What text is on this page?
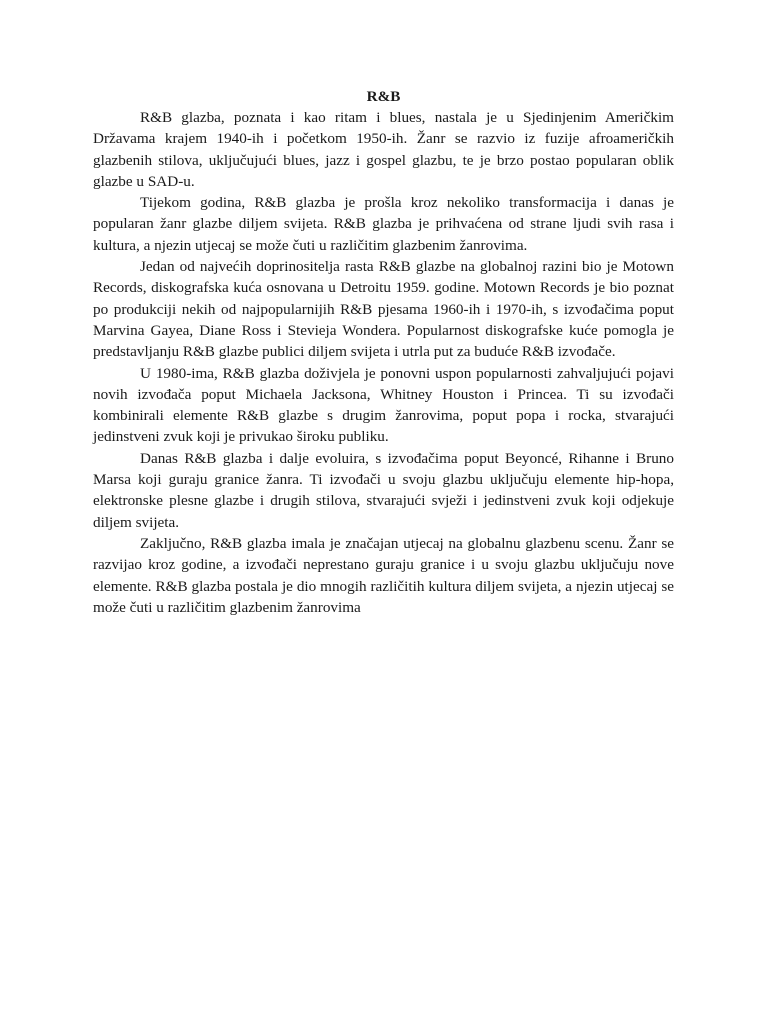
R&B

R&B glazba, poznata i kao ritam i blues, nastala je u Sjedinjenim Američkim Državama krajem 1940-ih i početkom 1950-ih. Žanr se razvio iz fuzije afroameričkih glazbenih stilova, uključujući blues, jazz i gospel glazbu, te je brzo postao popularan oblik glazbe u SAD-u.

Tijekom godina, R&B glazba je prošla kroz nekoliko transformacija i danas je popularan žanr glazbe diljem svijeta. R&B glazba je prihvaćena od strane ljudi svih rasa i kultura, a njezin utjecaj se može čuti u različitim glazbenim žanrovima.

Jedan od najvećih doprinositelja rasta R&B glazbe na globalnoj razini bio je Motown Records, diskografska kuća osnovana u Detroitu 1959. godine. Motown Records je bio poznat po produkciji nekih od najpopularnijih R&B pjesama 1960-ih i 1970-ih, s izvođačima poput Marvina Gayea, Diane Ross i Stevieja Wondera. Popularnost diskografske kuće pomogla je predstavljanju R&B glazbe publici diljem svijeta i utrla put za buduće R&B izvođače.

U 1980-ima, R&B glazba doživjela je ponovni uspon popularnosti zahvaljujući pojavi novih izvođača poput Michaela Jacksona, Whitney Houston i Princea. Ti su izvođači kombinirali elemente R&B glazbe s drugim žanrovima, poput popa i rocka, stvarajući jedinstveni zvuk koji je privukao široku publiku.

Danas R&B glazba i dalje evoluira, s izvođačima poput Beyoncé, Rihanne i Bruno Marsa koji guraju granice žanra. Ti izvođači u svoju glazbu uključuju elemente hip-hopa, elektronske plesne glazbe i drugih stilova, stvarajući svježi i jedinstveni zvuk koji odjekuje diljem svijeta.

Zaključno, R&B glazba imala je značajan utjecaj na globalnu glazbenu scenu. Žanr se razvijao kroz godine, a izvođači neprestano guraju granice i u svoju glazbu uključuju nove elemente. R&B glazba postala je dio mnogih različitih kultura diljem svijeta, a njezin utjecaj se može čuti u različitim glazbenim žanrovima
